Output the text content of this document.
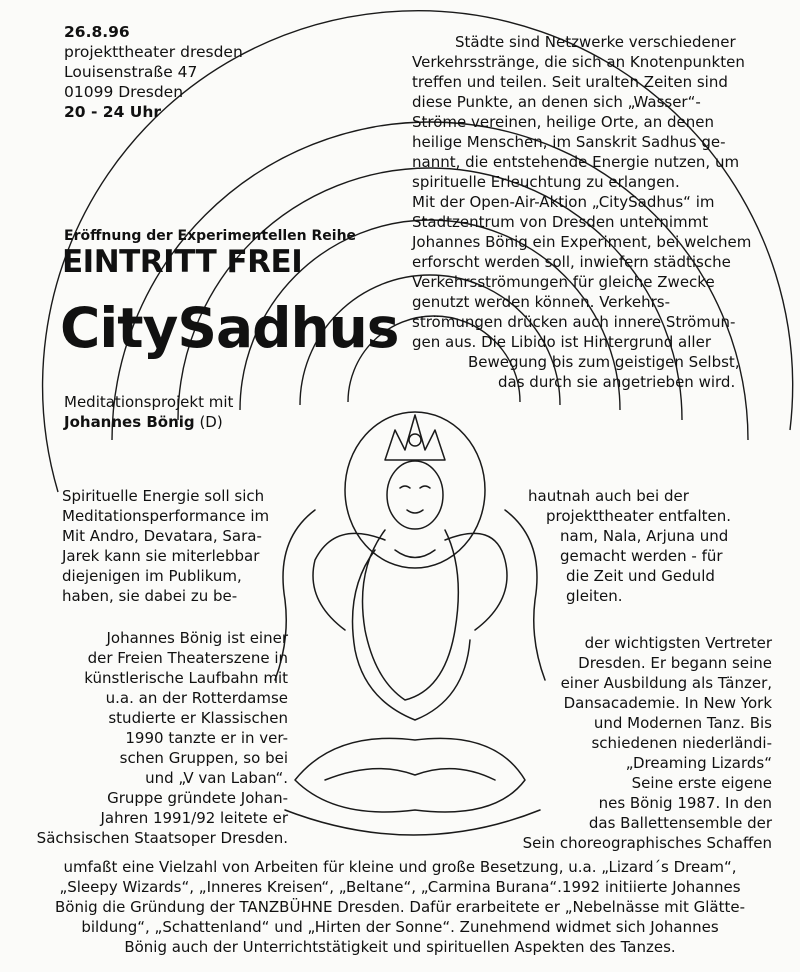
26.8.96
projekttheater dresden
Louisenstraße 47
01099 Dresden
20 - 24 Uhr
Eröffnung der Experimentellen Reihe
EINTRITT FREI
CitySadhus
Meditationsprojekt mit
Johannes Bönig (D)
Städte sind Netzwerke verschiedener
Verkehrsstränge, die sich an Knotenpunkten
treffen und teilen. Seit uralten Zeiten sind
diese Punkte, an denen sich „Wasser“-
Ströme vereinen, heilige Orte, an denen
heilige Menschen, im Sanskrit Sadhus ge-
nannt, die entstehende Energie nutzen, um
spirituelle Erleuchtung zu erlangen.
Mit der Open-Air-Aktion „CitySadhus“ im
Stadtzentrum von Dresden unternimmt
Johannes Bönig ein Experiment, bei welchem
erforscht werden soll, inwiefern städtische
Verkehrsströmungen für gleiche Zwecke
genutzt werden können. Verkehrs-
strömungen drücken auch innere Strömun-
gen aus. Die Libido ist Hintergrund aller
Bewegung bis zum geistigen Selbst,
das durch sie angetrieben wird.
Spirituelle Energie soll sich
Meditationsperformance im
Mit Andro, Devatara, Sara-
Jarek kann sie miterlebbar
diejenigen im Publikum,
haben, sie dabei zu be-
hautnah auch bei der
projekttheater entfalten.
nam, Nala, Arjuna und
gemacht werden - für
die Zeit und Geduld
gleiten.
Johannes Bönig ist einer
der Freien Theaterszene in
künstlerische Laufbahn mit
u.a. an der Rotterdamse
studierte er Klassischen
1990 tanzte er in ver-
schen Gruppen, so bei
und „V van Laban“.
Gruppe gründete Johan-
Jahren 1991/92 leitete er
Sächsischen Staatsoper Dresden.
der wichtigsten Vertreter
Dresden. Er begann seine
einer Ausbildung als Tänzer,
Dansacademie. In New York
und Modernen Tanz. Bis
schiedenen niederländi-
„Dreaming Lizards“
Seine erste eigene
nes Bönig 1987. In den
das Ballettensemble der
Sein choreographisches Schaffen
umfaßt eine Vielzahl von Arbeiten für kleine und große Besetzung, u.a. „Lizard´s Dream“,
„Sleepy Wizards“, „Inneres Kreisen“, „Beltane“, „Carmina Burana“.1992 initiierte Johannes
Bönig die Gründung der TANZBÜHNE Dresden. Dafür erarbeitete er „Nebelnässe mit Glätte-
bildung“, „Schattenland“ und „Hirten der Sonne“. Zunehmend widmet sich Johannes
Bönig auch der Unterrichtstätigkeit und spirituellen Aspekten des Tanzes.
